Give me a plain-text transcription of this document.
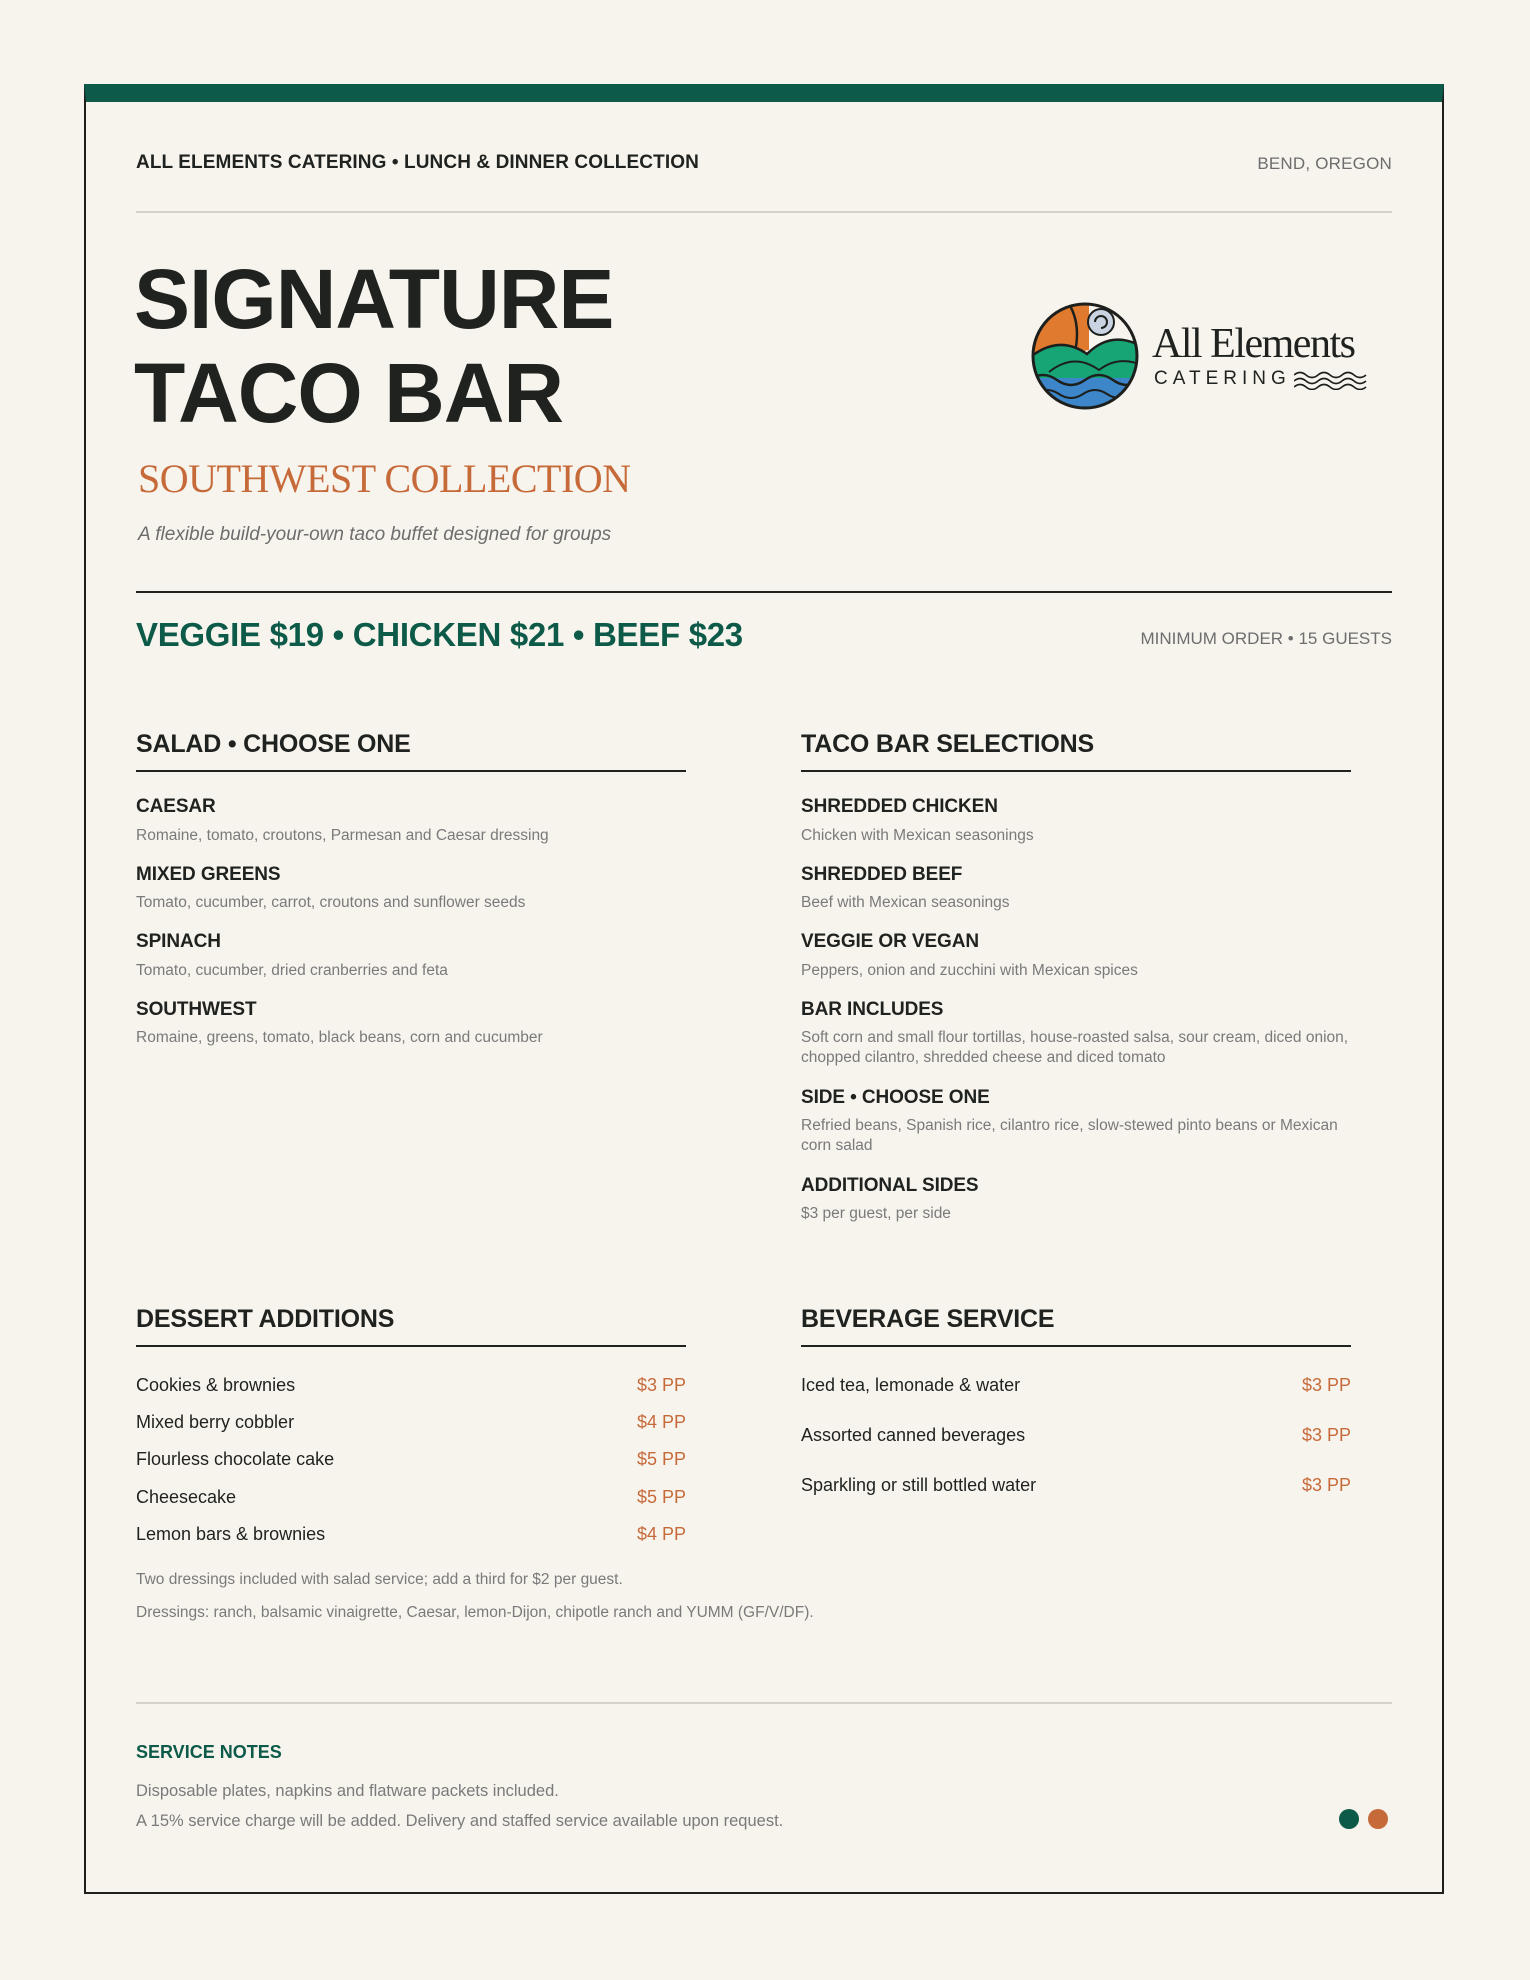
ALL ELEMENTS CATERING • LUNCH & DINNER COLLECTION	BEND, OREGON
SIGNATURE
TACO BAR
SOUTHWEST COLLECTION
A flexible build-your-own taco buffet designed for groups
All Elements
CATERING
VEGGIE $19 • CHICKEN $21 • BEEF $23	MINIMUM ORDER • 15 GUESTS
SALAD • CHOOSE ONE
CAESAR
Romaine, tomato, croutons, Parmesan and Caesar dressing
MIXED GREENS
Tomato, cucumber, carrot, croutons and sunflower seeds
SPINACH
Tomato, cucumber, dried cranberries and feta
SOUTHWEST
Romaine, greens, tomato, black beans, corn and cucumber
TACO BAR SELECTIONS
SHREDDED CHICKEN
Chicken with Mexican seasonings
SHREDDED BEEF
Beef with Mexican seasonings
VEGGIE OR VEGAN
Peppers, onion and zucchini with Mexican spices
BAR INCLUDES
Soft corn and small flour tortillas, house-roasted salsa, sour cream, diced onion, chopped cilantro, shredded cheese and diced tomato
SIDE • CHOOSE ONE
Refried beans, Spanish rice, cilantro rice, slow-stewed pinto beans or Mexican corn salad
ADDITIONAL SIDES
$3 per guest, per side
DESSERT ADDITIONS
Cookies & brownies	$3 PP
Mixed berry cobbler	$4 PP
Flourless chocolate cake	$5 PP
Cheesecake	$5 PP
Lemon bars & brownies	$4 PP
BEVERAGE SERVICE
Iced tea, lemonade & water	$3 PP
Assorted canned beverages	$3 PP
Sparkling or still bottled water	$3 PP
Two dressings included with salad service; add a third for $2 per guest.
Dressings: ranch, balsamic vinaigrette, Caesar, lemon-Dijon, chipotle ranch and YUMM (GF/V/DF).
SERVICE NOTES
Disposable plates, napkins and flatware packets included.
A 15% service charge will be added. Delivery and staffed service available upon request.
